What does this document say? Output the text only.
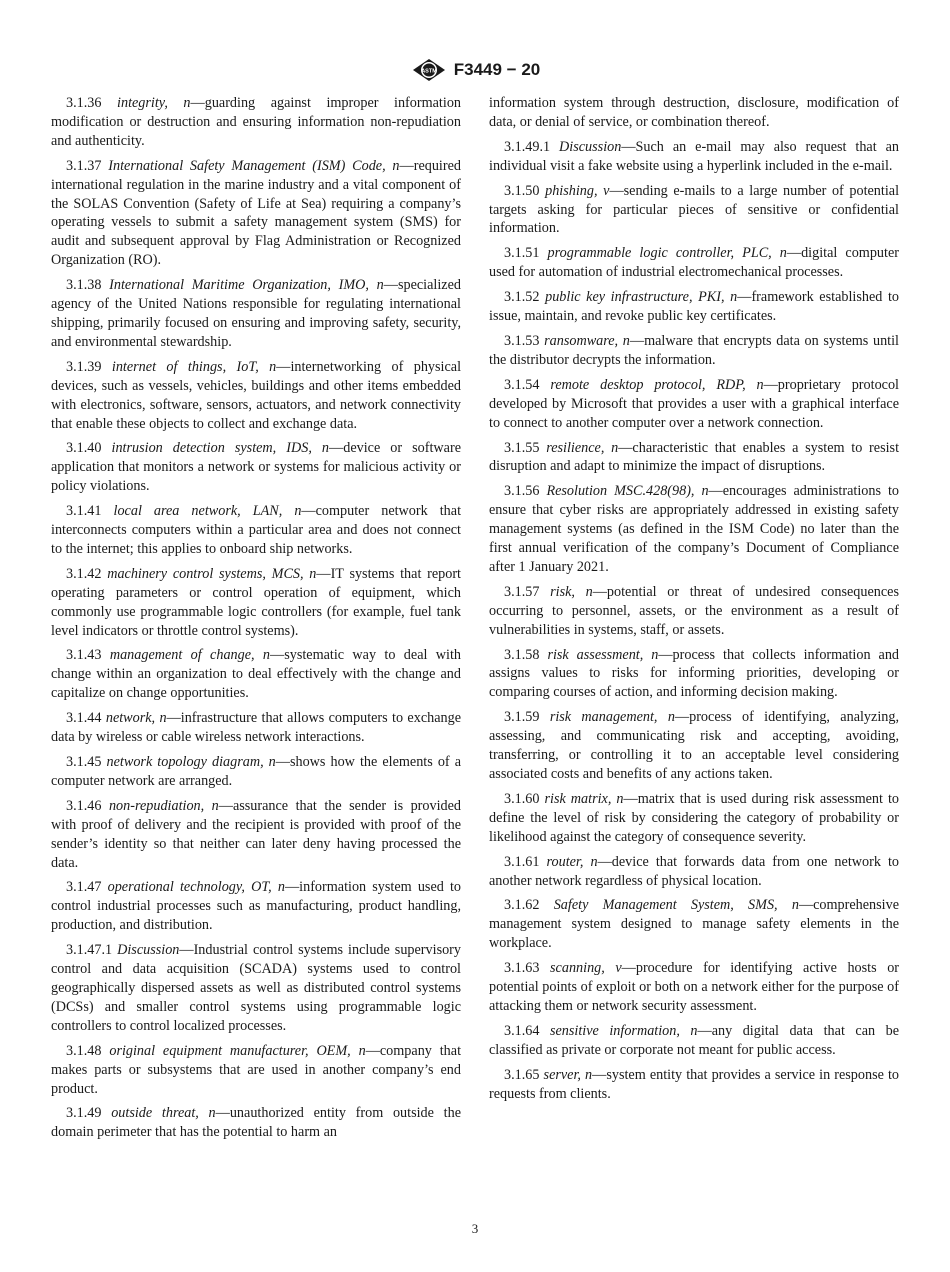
ASTM F3449 − 20

3.1.36 integrity, n—guarding against improper information modification or destruction and ensuring information non-repudiation and authenticity.

3.1.37 International Safety Management (ISM) Code, n—required international regulation in the marine industry and a vital component of the SOLAS Convention (Safety of Life at Sea) requiring a company’s operating vessels to submit a safety management system (SMS) for audit and subsequent approval by Flag Administration or Recognized Organization (RO).

3.1.38 International Maritime Organization, IMO, n—specialized agency of the United Nations responsible for regulating international shipping, primarily focused on ensuring and improving safety, security, and environmental stewardship.

3.1.39 internet of things, IoT, n—internetworking of physical devices, such as vessels, vehicles, buildings and other items embedded with electronics, software, sensors, actuators, and network connectivity that enable these objects to collect and exchange data.

3.1.40 intrusion detection system, IDS, n—device or software application that monitors a network or systems for malicious activity or policy violations.

3.1.41 local area network, LAN, n—computer network that interconnects computers within a particular area and does not connect to the internet; this applies to onboard ship networks.

3.1.42 machinery control systems, MCS, n—IT systems that report operating parameters or control operation of equipment, which commonly use programmable logic controllers (for example, fuel tank level indicators or throttle control systems).

3.1.43 management of change, n—systematic way to deal with change within an organization to deal effectively with the change and capitalize on change opportunities.

3.1.44 network, n—infrastructure that allows computers to exchange data by wireless or cable wireless network interactions.

3.1.45 network topology diagram, n—shows how the elements of a computer network are arranged.

3.1.46 non-repudiation, n—assurance that the sender is provided with proof of delivery and the recipient is provided with proof of the sender’s identity so that neither can later deny having processed the data.

3.1.47 operational technology, OT, n—information system used to control industrial processes such as manufacturing, product handling, production, and distribution.

3.1.47.1 Discussion—Industrial control systems include supervisory control and data acquisition (SCADA) systems used to control geographically dispersed assets as well as distributed control systems (DCSs) and smaller control systems using programmable logic controllers to control localized processes.

3.1.48 original equipment manufacturer, OEM, n—company that makes parts or subsystems that are used in another company’s end product.

3.1.49 outside threat, n—unauthorized entity from outside the domain perimeter that has the potential to harm an

information system through destruction, disclosure, modification of data, or denial of service, or combination thereof.

3.1.49.1 Discussion—Such an e-mail may also request that an individual visit a fake website using a hyperlink included in the e-mail.

3.1.50 phishing, v—sending e-mails to a large number of potential targets asking for particular pieces of sensitive or confidential information.

3.1.51 programmable logic controller, PLC, n—digital computer used for automation of industrial electromechanical processes.

3.1.52 public key infrastructure, PKI, n—framework established to issue, maintain, and revoke public key certificates.

3.1.53 ransomware, n—malware that encrypts data on systems until the distributor decrypts the information.

3.1.54 remote desktop protocol, RDP, n—proprietary protocol developed by Microsoft that provides a user with a graphical interface to connect to another computer over a network connection.

3.1.55 resilience, n—characteristic that enables a system to resist disruption and adapt to minimize the impact of disruptions.

3.1.56 Resolution MSC.428(98), n—encourages administrations to ensure that cyber risks are appropriately addressed in existing safety management systems (as defined in the ISM Code) no later than the first annual verification of the company’s Document of Compliance after 1 January 2021.

3.1.57 risk, n—potential or threat of undesired consequences occurring to personnel, assets, or the environment as a result of vulnerabilities in systems, staff, or assets.

3.1.58 risk assessment, n—process that collects information and assigns values to risks for informing priorities, developing or comparing courses of action, and informing decision making.

3.1.59 risk management, n—process of identifying, analyzing, assessing, and communicating risk and accepting, avoiding, transferring, or controlling it to an acceptable level considering associated costs and benefits of any actions taken.

3.1.60 risk matrix, n—matrix that is used during risk assessment to define the level of risk by considering the category of probability or likelihood against the category of consequence severity.

3.1.61 router, n—device that forwards data from one network to another network regardless of physical location.

3.1.62 Safety Management System, SMS, n—comprehensive management system designed to manage safety elements in the workplace.

3.1.63 scanning, v—procedure for identifying active hosts or potential points of exploit or both on a network either for the purpose of attacking them or network security assessment.

3.1.64 sensitive information, n—any digital data that can be classified as private or corporate not meant for public access.

3.1.65 server, n—system entity that provides a service in response to requests from clients.

3
